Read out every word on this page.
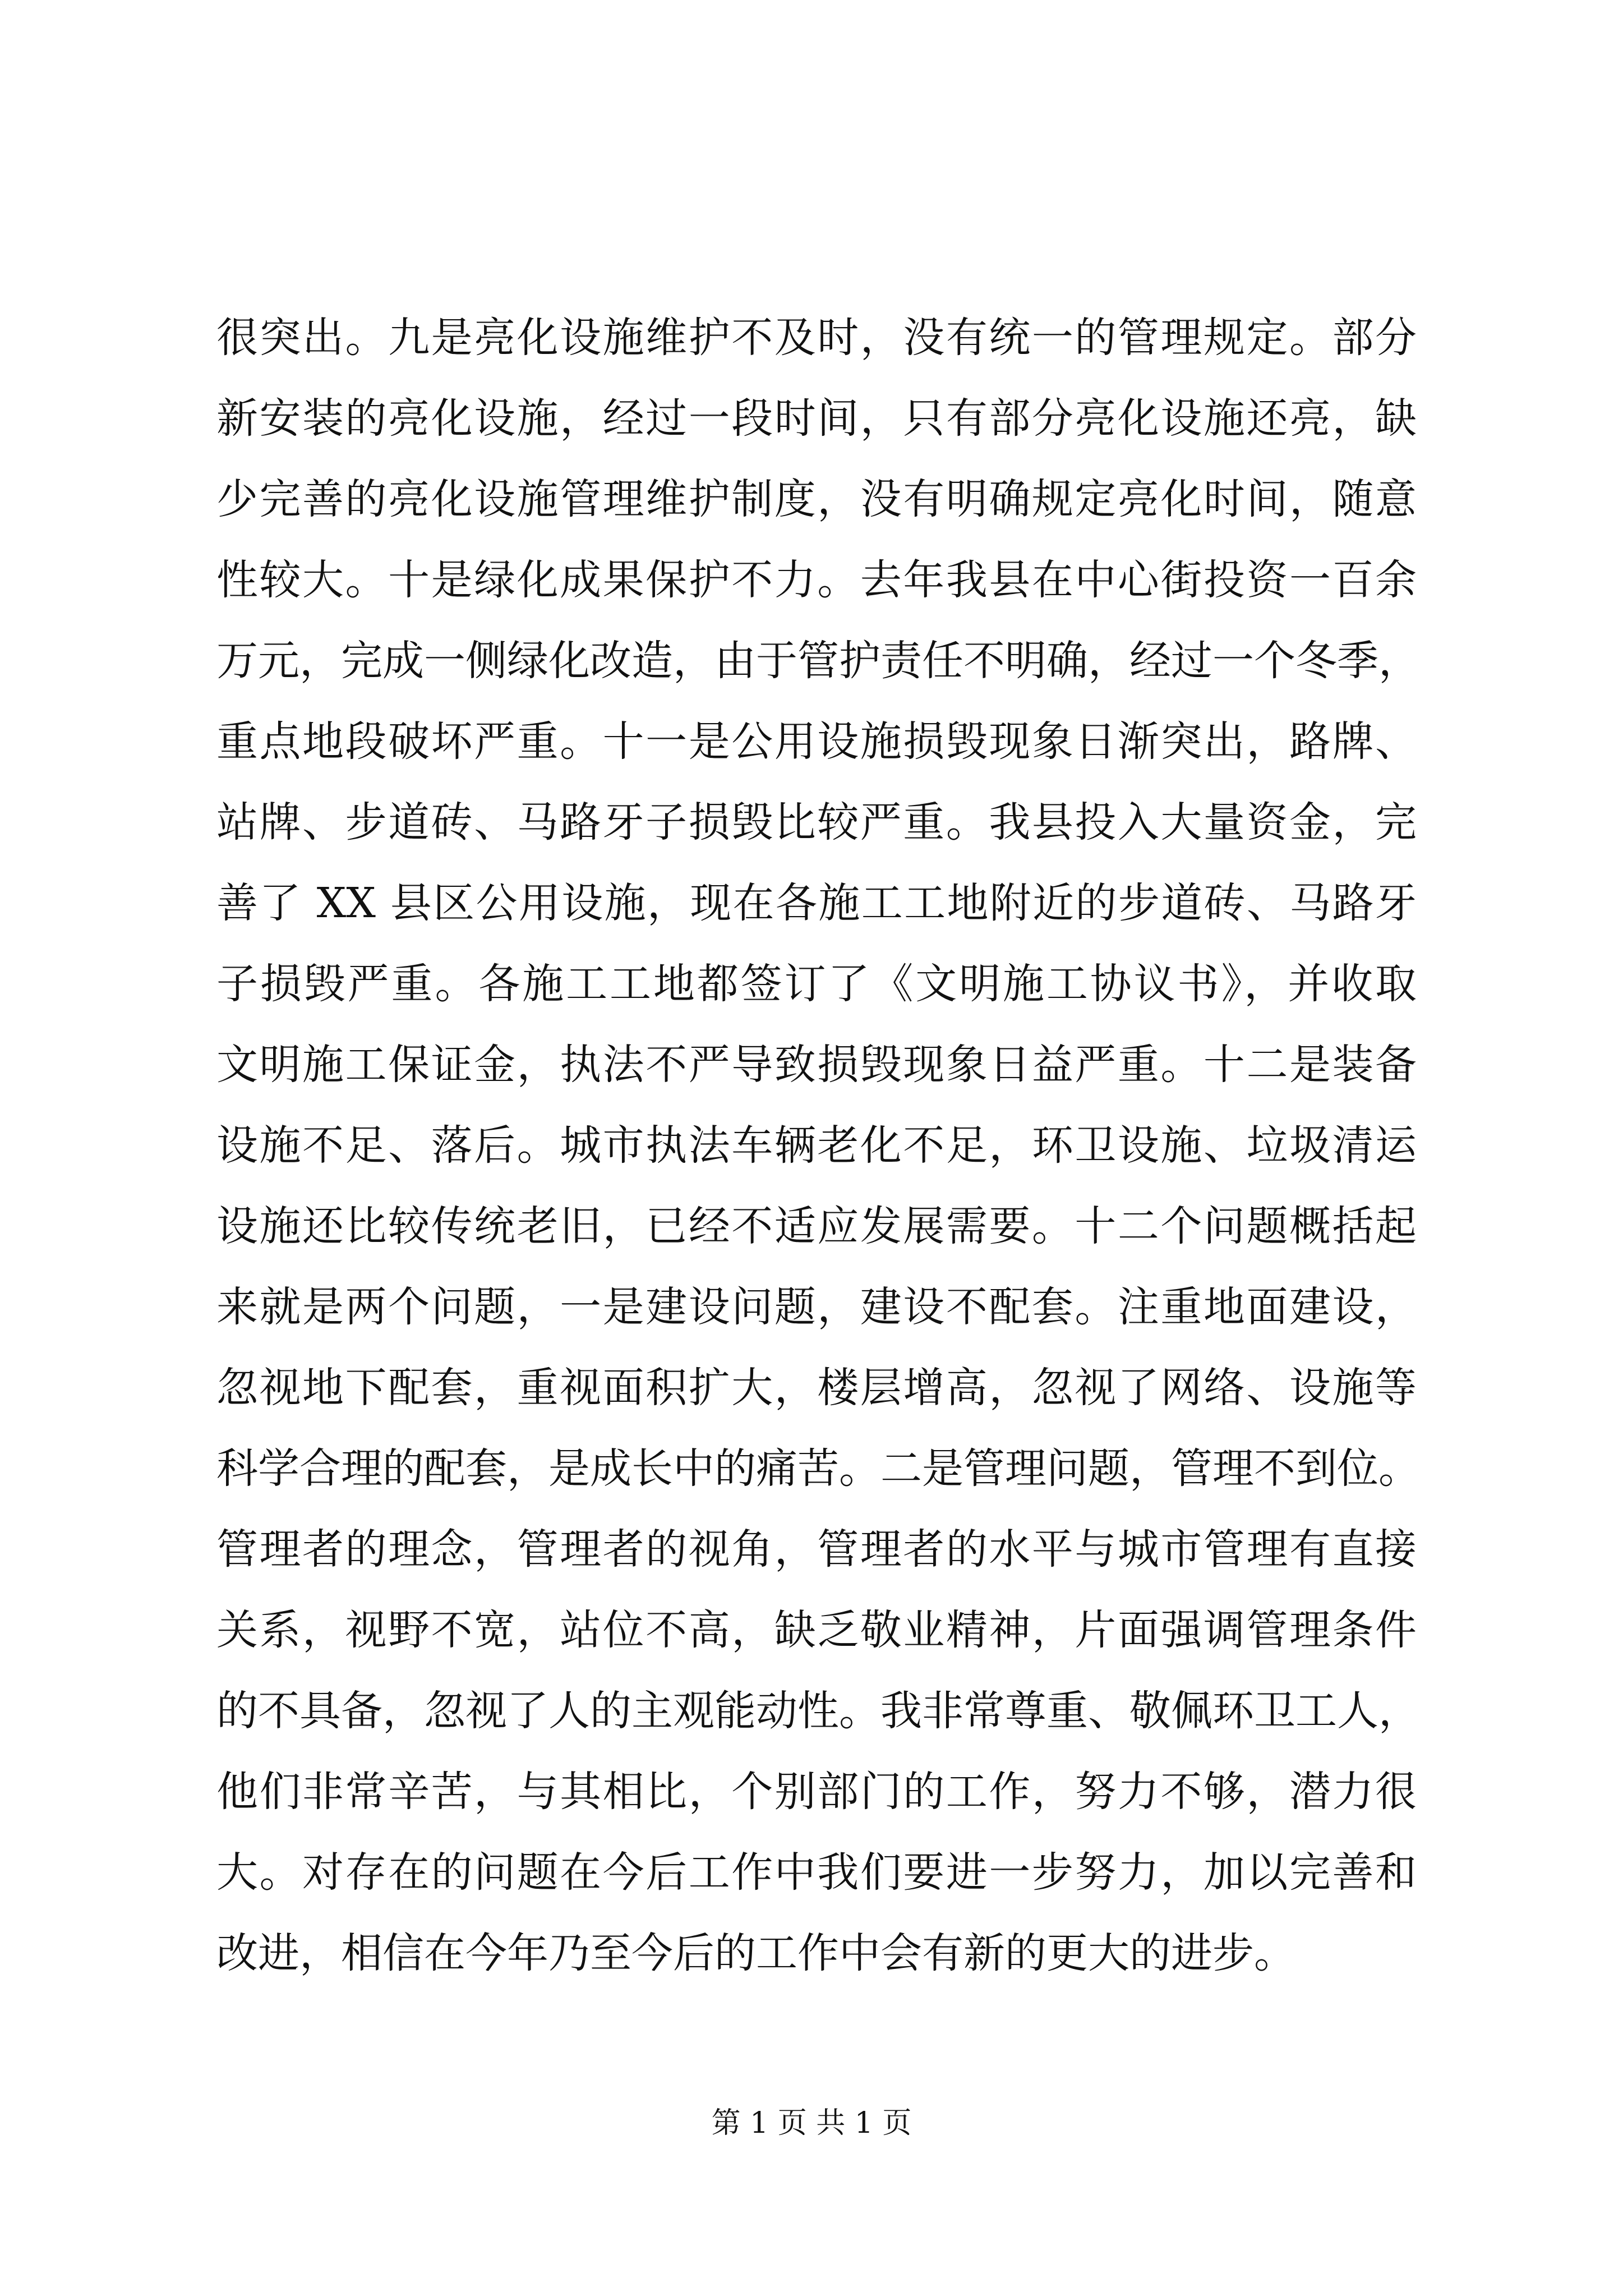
很突出。九是亮化设施维护不及时，没有统一的管理规定。部分
新安装的亮化设施，经过一段时间，只有部分亮化设施还亮，缺
少完善的亮化设施管理维护制度，没有明确规定亮化时间，随意
性较大。十是绿化成果保护不力。去年我县在中心街投资一百余
万元，完成一侧绿化改造，由于管护责任不明确，经过一个冬季，
重点地段破坏严重。十一是公用设施损毁现象日渐突出，路牌、
站牌、步道砖、马路牙子损毁比较严重。我县投入大量资金，完
善了 XX 县区公用设施，现在各施工工地附近的步道砖、马路牙
子损毁严重。各施工工地都签订了《文明施工协议书》，并收取
文明施工保证金，执法不严导致损毁现象日益严重。十二是装备
设施不足、落后。城市执法车辆老化不足，环卫设施、垃圾清运
设施还比较传统老旧，已经不适应发展需要。十二个问题概括起
来就是两个问题，一是建设问题，建设不配套。注重地面建设，
忽视地下配套，重视面积扩大，楼层增高，忽视了网络、设施等
科学合理的配套，是成长中的痛苦。二是管理问题，管理不到位。
管理者的理念，管理者的视角，管理者的水平与城市管理有直接
关系，视野不宽，站位不高，缺乏敬业精神，片面强调管理条件
的不具备，忽视了人的主观能动性。我非常尊重、敬佩环卫工人，
他们非常辛苦，与其相比，个别部门的工作，努力不够，潜力很
大。对存在的问题在今后工作中我们要进一步努力，加以完善和
改进，相信在今年乃至今后的工作中会有新的更大的进步。
第 1 页 共 1 页
